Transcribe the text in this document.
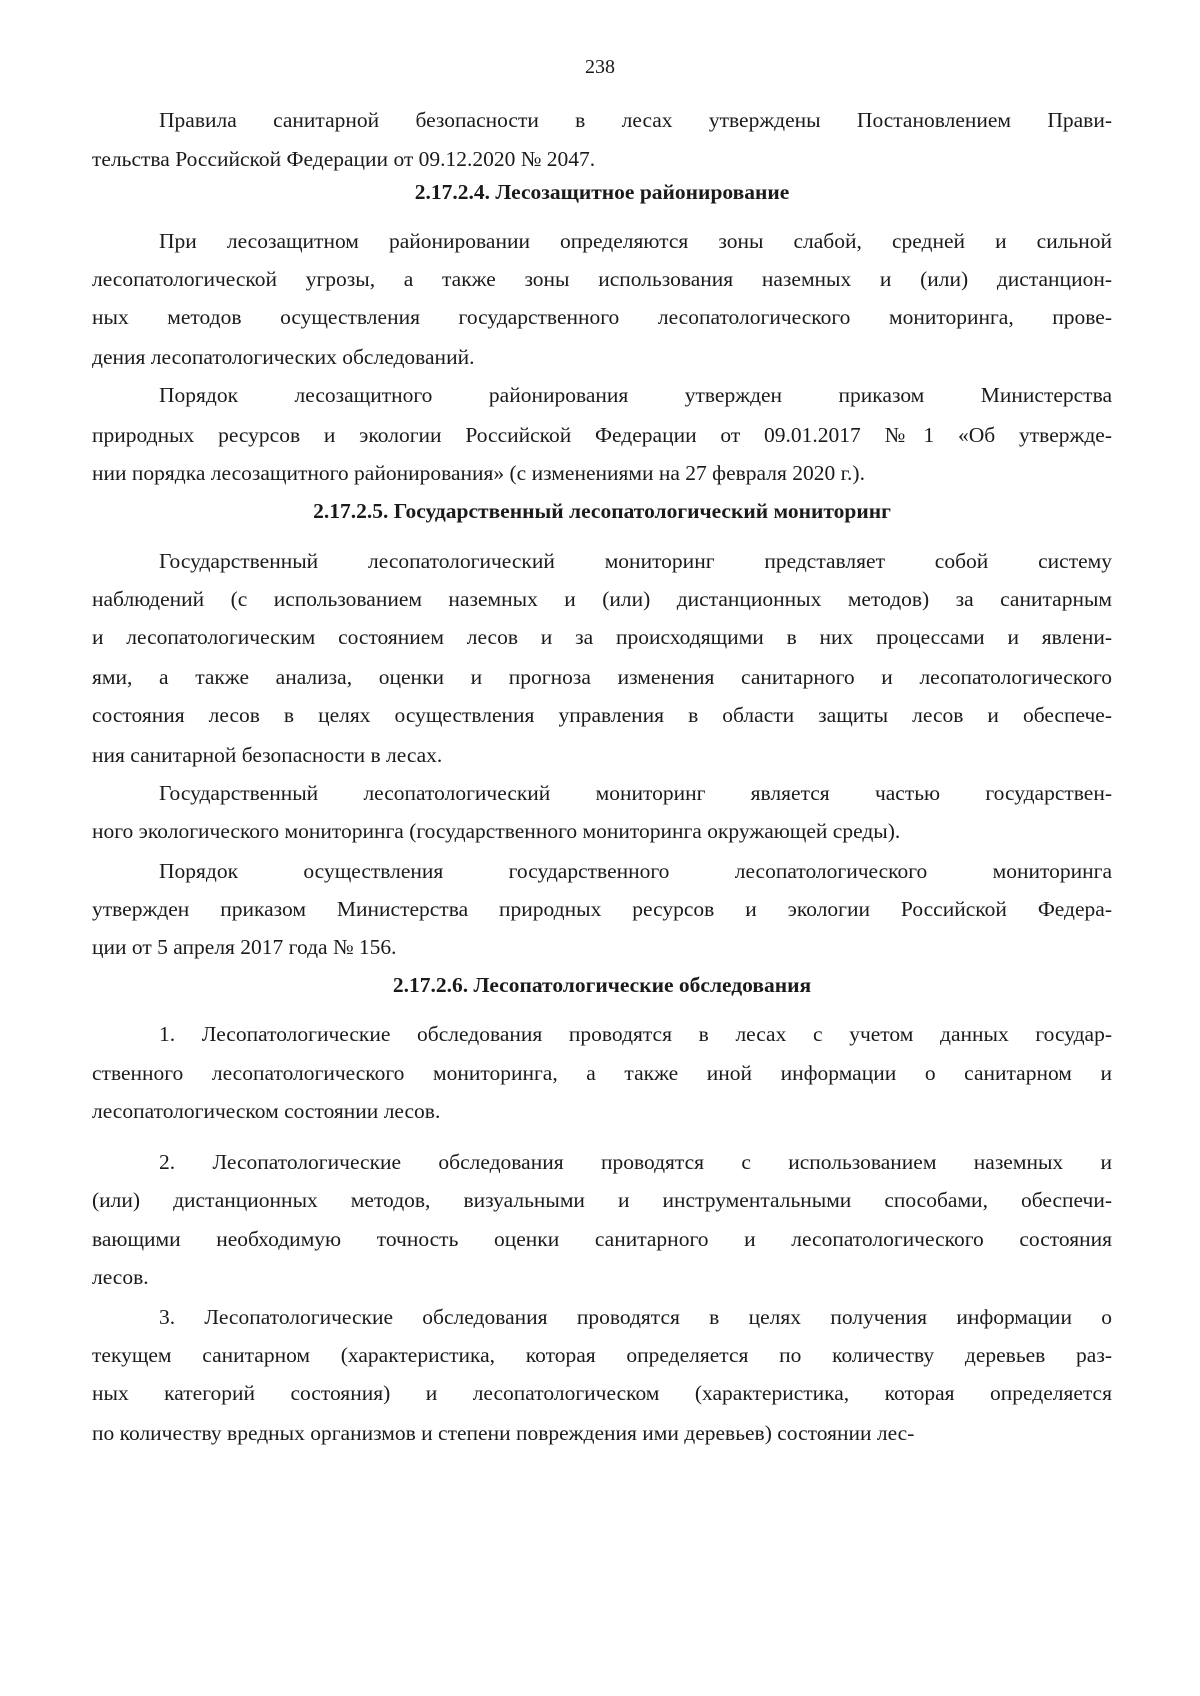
238
Правила санитарной безопасности в лесах утверждены Постановлением Прави-
тельства Российской Федерации от 09.12.2020 № 2047.
2.17.2.4. Лесозащитное районирование
При лесозащитном районировании определяются зоны слабой, средней и сильной
лесопатологической угрозы, а также зоны использования наземных и (или) дистанцион-
ных методов осуществления государственного лесопатологического мониторинга, прове-
дения лесопатологических обследований.
Порядок лесозащитного районирования утвержден приказом Министерства
природных ресурсов и экологии Российской Федерации от 09.01.2017 №1 «Об утвержде-
нии порядка лесозащитного районирования» (с изменениями на 27 февраля 2020 г.).
2.17.2.5. Государственный лесопатологический мониторинг
Государственный лесопатологический мониторинг представляет собой систему
наблюдений (с использованием наземных и (или) дистанционных методов) за санитарным
и лесопатологическим состоянием лесов и за происходящими в них процессами и явлени-
ями, а также анализа, оценки и прогноза изменения санитарного и лесопатологического
состояния лесов в целях осуществления управления в области защиты лесов и обеспече-
ния санитарной безопасности в лесах.
Государственный лесопатологический мониторинг является частью государствен-
ного экологического мониторинга (государственного мониторинга окружающей среды).
Порядок осуществления государственного лесопатологического мониторинга
утвержден приказом Министерства природных ресурсов и экологии Российской Федера-
ции от 5 апреля 2017 года № 156.
2.17.2.6. Лесопатологические обследования
1. Лесопатологические обследования проводятся в лесах с учетом данных государ-
ственного лесопатологического мониторинга, а также иной информации о санитарном и
лесопатологическом состоянии лесов.
2. Лесопатологические обследования проводятся с использованием наземных и
(или) дистанционных методов, визуальными и инструментальными способами, обеспечи-
вающими необходимую точность оценки санитарного и лесопатологического состояния
лесов.
3. Лесопатологические обследования проводятся в целях получения информации о
текущем санитарном (характеристика, которая определяется по количеству деревьев раз-
ных категорий состояния) и лесопатологическом (характеристика, которая определяется
по количеству вредных организмов и степени повреждения ими деревьев) состоянии лес-
